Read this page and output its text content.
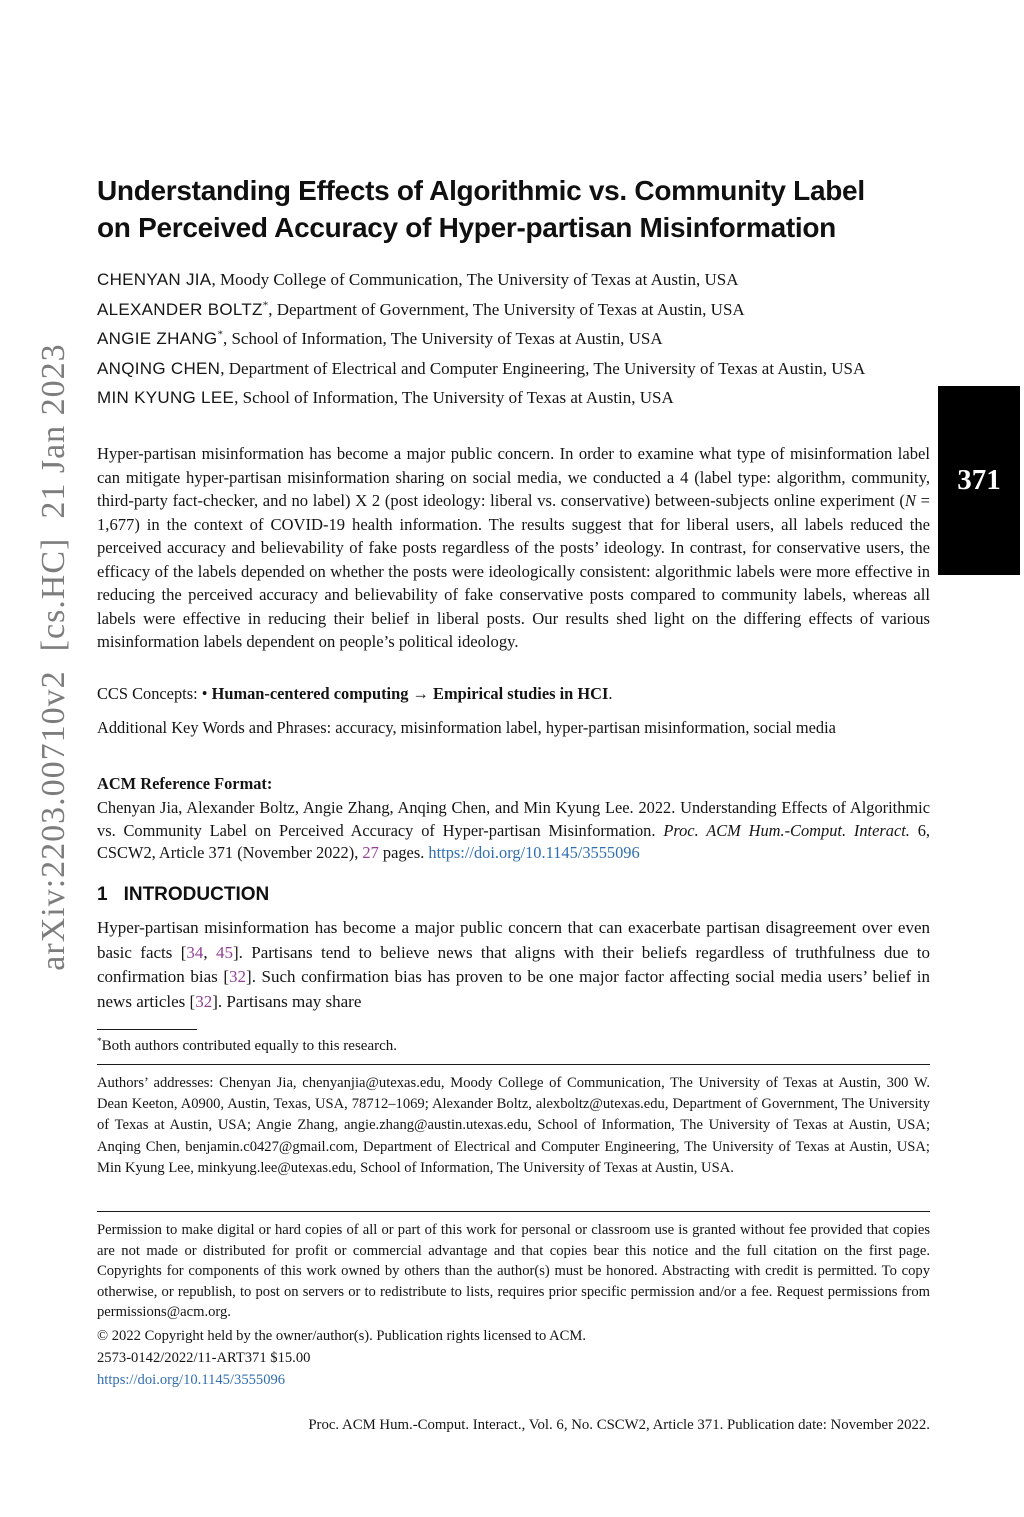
arXiv:2203.00710v2  [cs.HC]  21 Jan 2023	371
Understanding Effects of Algorithmic vs. Community Label
on Perceived Accuracy of Hyper-partisan Misinformation
CHENYAN JIA, Moody College of Communication, The University of Texas at Austin, USA
ALEXANDER BOLTZ*, Department of Government, The University of Texas at Austin, USA
ANGIE ZHANG*, School of Information, The University of Texas at Austin, USA
ANQING CHEN, Department of Electrical and Computer Engineering, The University of Texas at Austin, USA
MIN KYUNG LEE, School of Information, The University of Texas at Austin, USA
Hyper-partisan misinformation has become a major public concern. In order to examine what type of misinformation label can mitigate hyper-partisan misinformation sharing on social media, we conducted a 4 (label type: algorithm, community, third-party fact-checker, and no label) X 2 (post ideology: liberal vs. conservative) between-subjects online experiment (N = 1,677) in the context of COVID-19 health information. The results suggest that for liberal users, all labels reduced the perceived accuracy and believability of fake posts regardless of the posts’ ideology. In contrast, for conservative users, the efficacy of the labels depended on whether the posts were ideologically consistent: algorithmic labels were more effective in reducing the perceived accuracy and believability of fake conservative posts compared to community labels, whereas all labels were effective in reducing their belief in liberal posts. Our results shed light on the differing effects of various misinformation labels dependent on people’s political ideology.
CCS Concepts: • Human-centered computing → Empirical studies in HCI.
Additional Key Words and Phrases: accuracy, misinformation label, hyper-partisan misinformation, social media
ACM Reference Format:
Chenyan Jia, Alexander Boltz, Angie Zhang, Anqing Chen, and Min Kyung Lee. 2022. Understanding Effects of Algorithmic vs. Community Label on Perceived Accuracy of Hyper-partisan Misinformation. Proc. ACM Hum.-Comput. Interact. 6, CSCW2, Article 371 (November 2022), 27 pages. https://doi.org/10.1145/3555096
1 INTRODUCTION
Hyper-partisan misinformation has become a major public concern that can exacerbate partisan disagreement over even basic facts [34, 45]. Partisans tend to believe news that aligns with their beliefs regardless of truthfulness due to confirmation bias [32]. Such confirmation bias has proven to be one major factor affecting social media users’ belief in news articles [32]. Partisans may share
*Both authors contributed equally to this research.
Authors’ addresses: Chenyan Jia, chenyanjia@utexas.edu, Moody College of Communication, The University of Texas at Austin, 300 W. Dean Keeton, A0900, Austin, Texas, USA, 78712–1069; Alexander Boltz, alexboltz@utexas.edu, Department of Government, The University of Texas at Austin, USA; Angie Zhang, angie.zhang@austin.utexas.edu, School of Information, The University of Texas at Austin, USA; Anqing Chen, benjamin.c0427@gmail.com, Department of Electrical and Computer Engineering, The University of Texas at Austin, USA; Min Kyung Lee, minkyung.lee@utexas.edu, School of Information, The University of Texas at Austin, USA.
Permission to make digital or hard copies of all or part of this work for personal or classroom use is granted without fee provided that copies are not made or distributed for profit or commercial advantage and that copies bear this notice and the full citation on the first page. Copyrights for components of this work owned by others than the author(s) must be honored. Abstracting with credit is permitted. To copy otherwise, or republish, to post on servers or to redistribute to lists, requires prior specific permission and/or a fee. Request permissions from permissions@acm.org.
© 2022 Copyright held by the owner/author(s). Publication rights licensed to ACM.
2573-0142/2022/11-ART371 $15.00
https://doi.org/10.1145/3555096
Proc. ACM Hum.-Comput. Interact., Vol. 6, No. CSCW2, Article 371. Publication date: November 2022.
